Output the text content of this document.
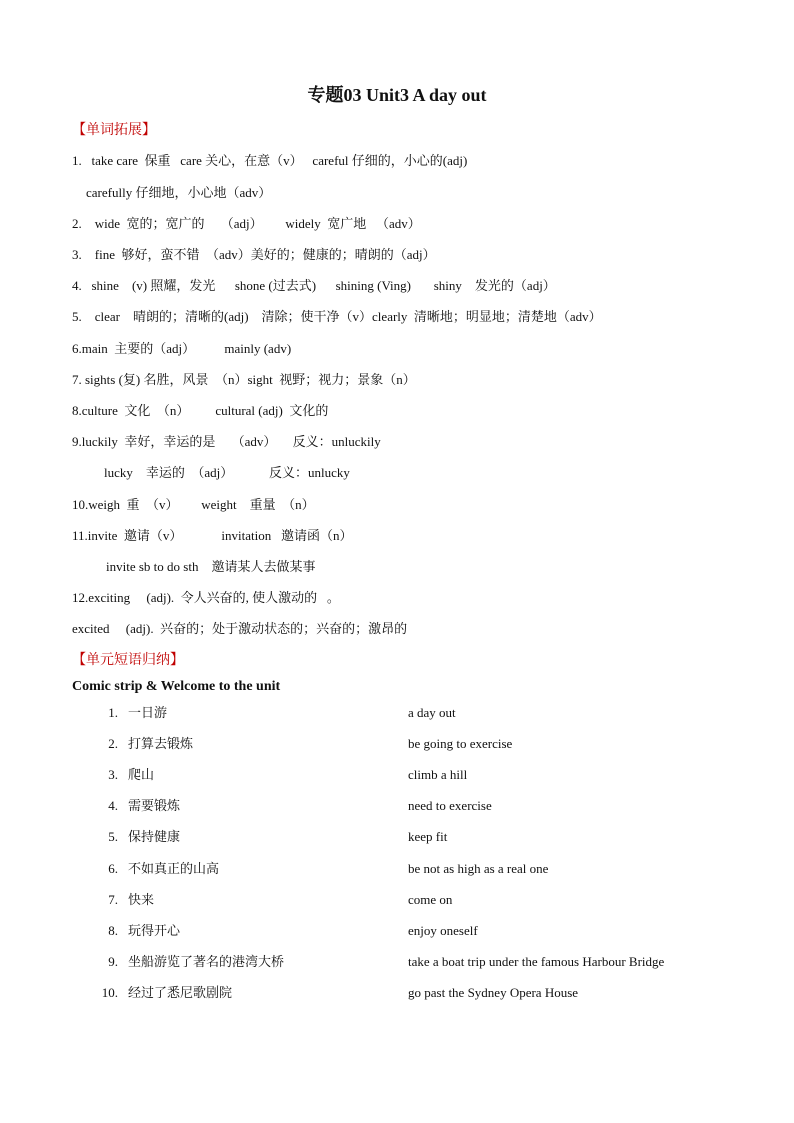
专题03 Unit3 A day out
【单词拓展】
1.   take care  保重   care 关心，在意（v）   careful 仔细的，小心的(adj)
carefully 仔细地，小心地（adv）
2.    wide  宽的；宽广的     （adj）       widely  宽广地   （adv）
3.    fine  够好，蛮不错  （adv）美好的；健康的；晴朗的（adj）
4.   shine    (v) 照耀，发光      shone (过去式)      shining (Ving)       shiny    发光的（adj）
5.    clear    晴朗的；清晰的(adj)    清除；使干净（v）clearly  清晰地；明显地；清楚地（adv）
6.main  主要的（adj）         mainly (adv)
7. sights (复) 名胜，风景  （n）sight  视野；视力；景象（n）
8.culture  文化  （n）        cultural (adj)  文化的
9.luckily  幸好，幸运的是     （adv）     反义：unluckily
lucky    幸运的  （adj）           反义：unlucky
10.weigh  重  （v）       weight    重量  （n）
11.invite  邀请（v）            invitation   邀请函（n）
invite sb to do sth    邀请某人去做某事
12.exciting     (adj).  令人兴奋的, 使人激动的   。
excited     (adj).  兴奋的；处于激动状态的；兴奋的；激昂的
【单元短语归纳】
Comic strip & Welcome to the unit
1. 一日游	a day out
2. 打算去锻炼	be going to exercise
3. 爬山	climb a hill
4. 需要锻炼	need to exercise
5. 保持健康	keep fit
6. 不如真正的山高	be not as high as a real one
7. 快来	come on
8. 玩得开心	enjoy oneself
9. 坐船游览了著名的港湾大桥	take a boat trip under the famous Harbour Bridge
10. 经过了悉尼歌剧院	go past the Sydney Opera House
